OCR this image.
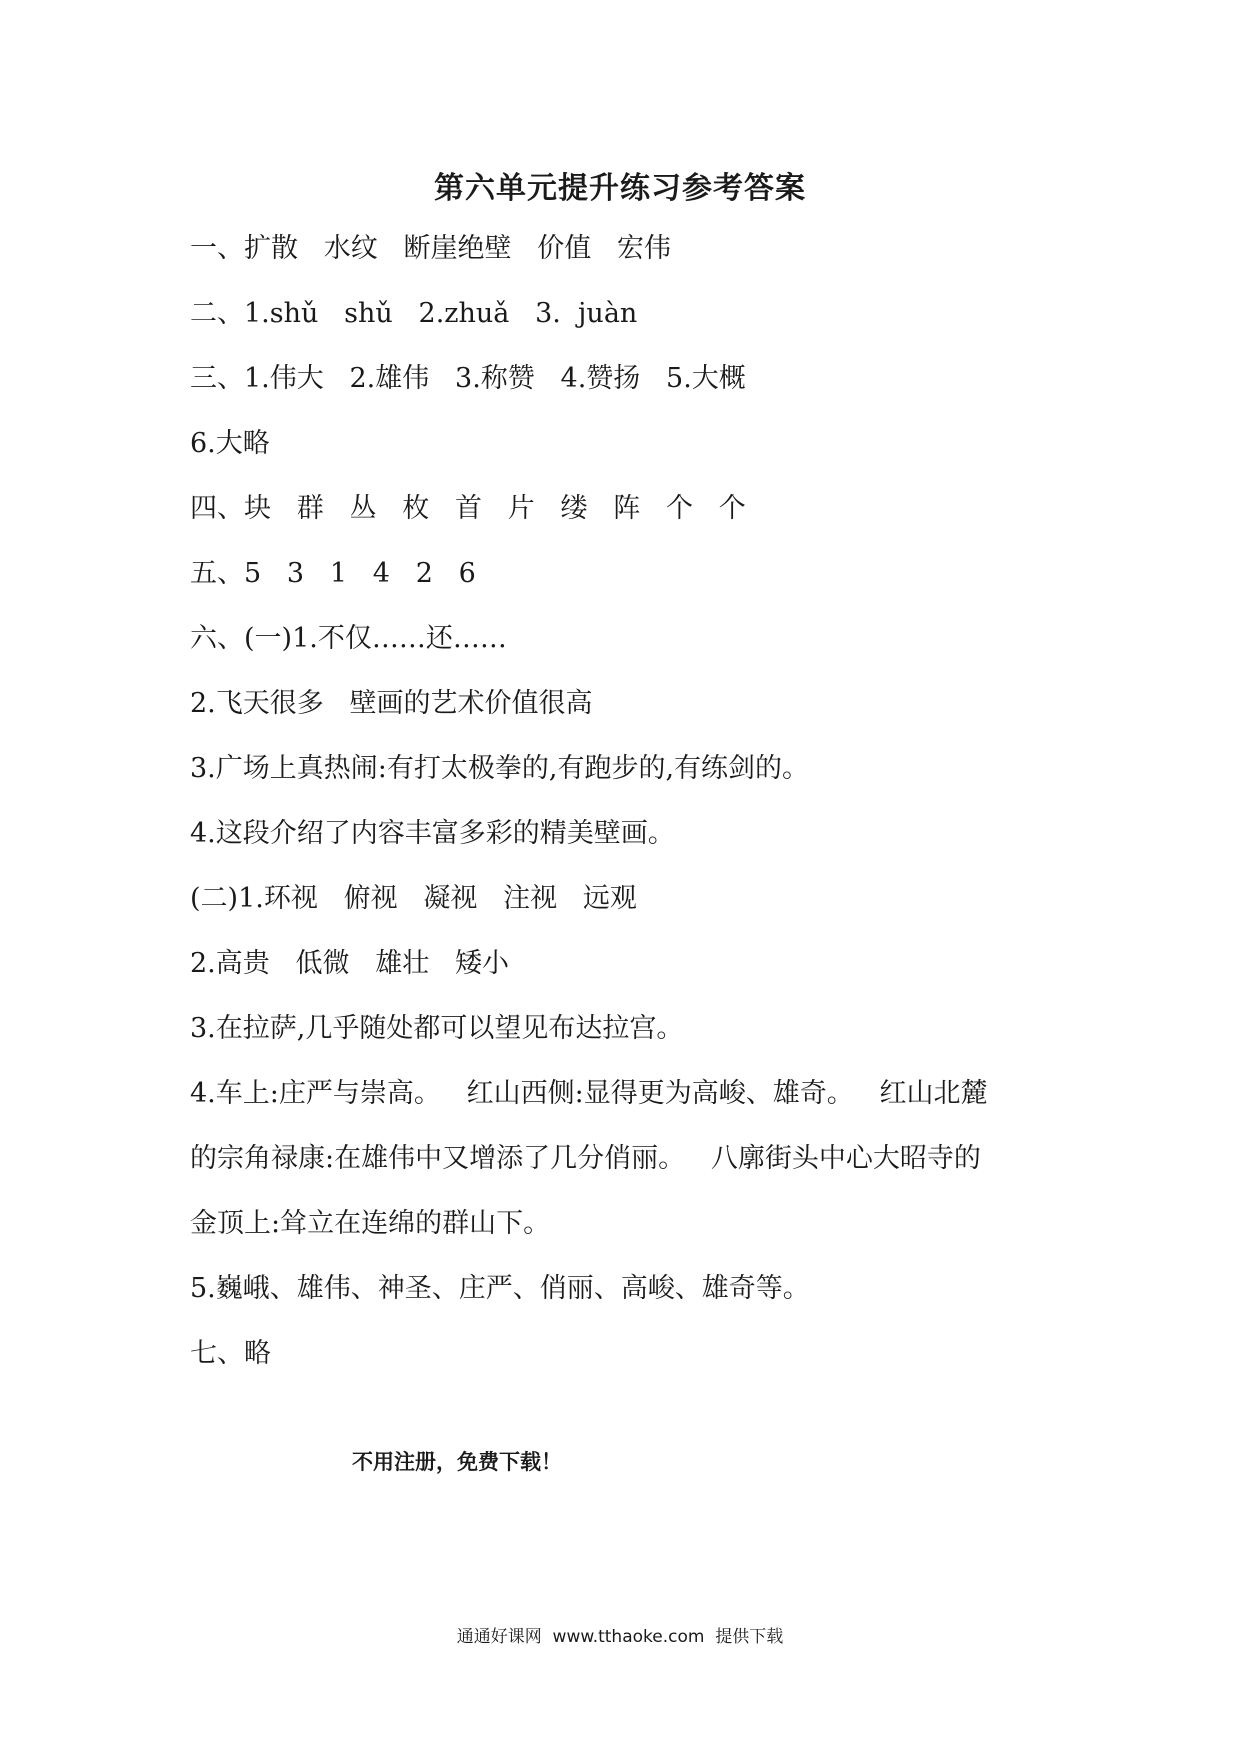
第六单元提升练习参考答案
一、扩散   水纹   断崖绝壁   价值   宏伟
二、1.shǔ   shǔ   2.zhuǎ   3.  juàn
三、1.伟大   2.雄伟   3.称赞   4.赞扬   5.大概
6.大略
四、块   群   丛   枚   首   片   缕   阵   个   个
五、5   3   1   4   2   6
六、(一)1.不仅……还……
2.飞天很多   壁画的艺术价值很高
3.广场上真热闹:有打太极拳的,有跑步的,有练剑的。
4.这段介绍了内容丰富多彩的精美壁画。
(二)1.环视   俯视   凝视   注视   远观
2.高贵   低微   雄壮   矮小
3.在拉萨,几乎随处都可以望见布达拉宫。
4.车上:庄严与崇高。   红山西侧:显得更为高峻、雄奇。   红山北麓
的宗角禄康:在雄伟中又增添了几分俏丽。   八廓街头中心大昭寺的
金顶上:耸立在连绵的群山下。
5.巍峨、雄伟、神圣、庄严、俏丽、高峻、雄奇等。
七、略
不用注册，免费下载！
通通好课网  www.tthaoke.com  提供下载
